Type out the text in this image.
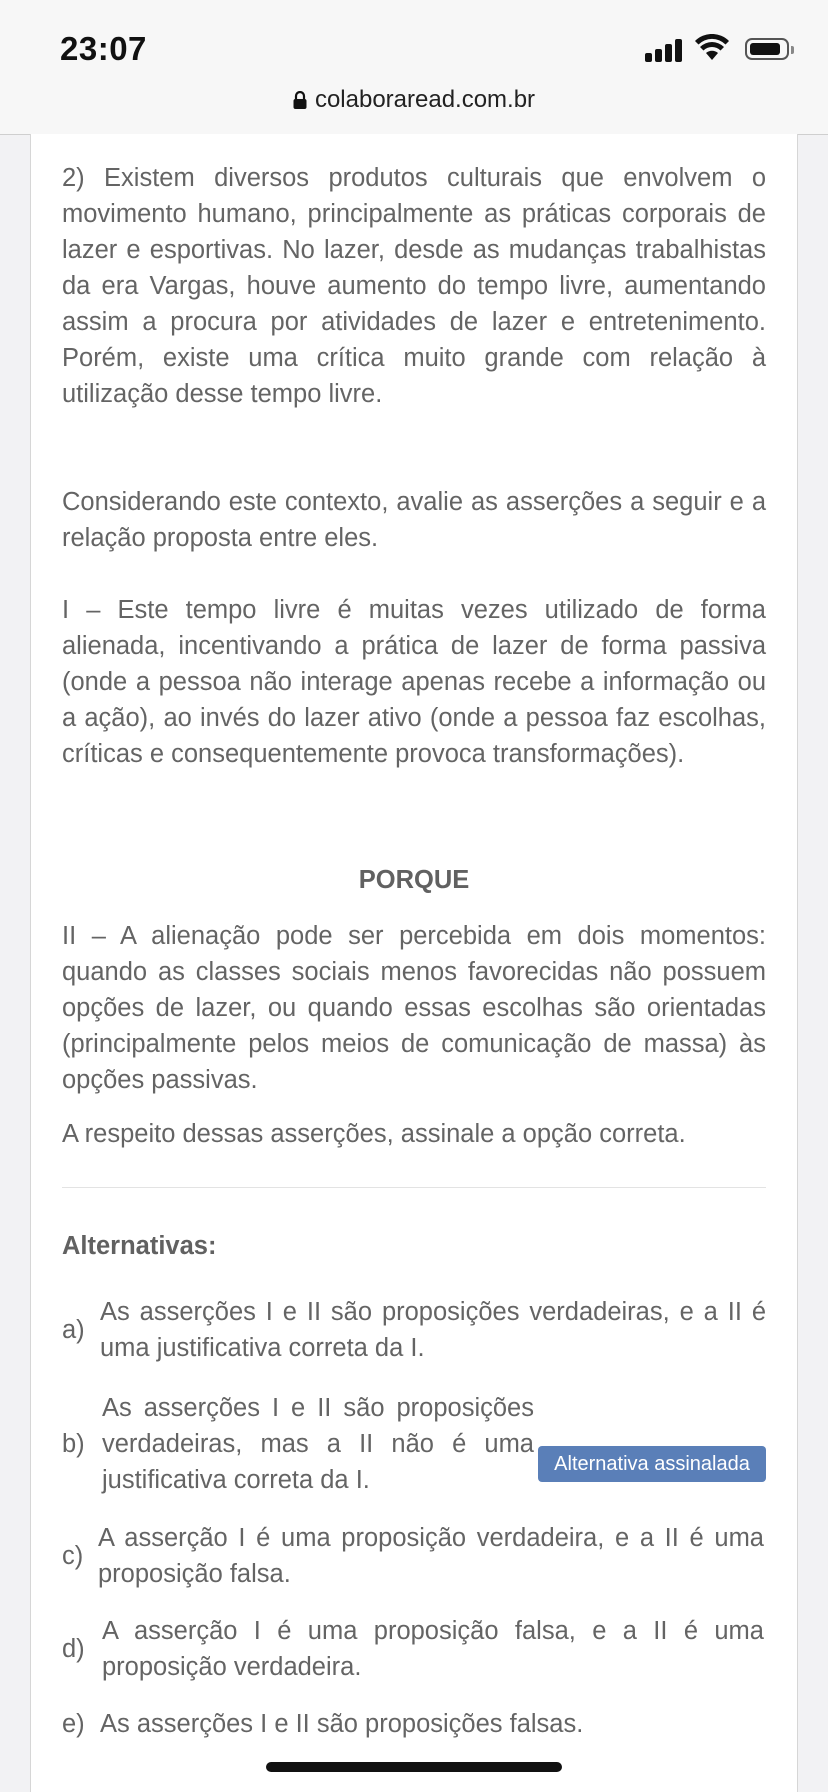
23:07
colaboraread.com.br

2) Existem diversos produtos culturais que envolvem o movimento humano, principalmente as práticas corporais de lazer e esportivas. No lazer, desde as mudanças trabalhistas da era Vargas, houve aumento do tempo livre, aumentando assim a procura por atividades de lazer e entretenimento. Porém, existe uma crítica muito grande com relação à utilização desse tempo livre.

Considerando este contexto, avalie as asserções a seguir e a relação proposta entre eles.

I – Este tempo livre é muitas vezes utilizado de forma alienada, incentivando a prática de lazer de forma passiva (onde a pessoa não interage apenas recebe a informação ou a ação), ao invés do lazer ativo (onde a pessoa faz escolhas, críticas e consequentemente provoca transformações).

PORQUE

II – A alienação pode ser percebida em dois momentos: quando as classes sociais menos favorecidas não possuem opções de lazer, ou quando essas escolhas são orientadas (principalmente pelos meios de comunicação de massa) às opções passivas.

A respeito dessas asserções, assinale a opção correta.

Alternativas:
a)
As asserções I e II são proposições verdadeiras, e a II é uma justificativa correta da I.
b)
As asserções I e II são proposições verdadeiras, mas a II não é uma justificativa correta da I.
Alternativa assinalada
c)
A asserção I é uma proposição verdadeira, e a II é uma proposição falsa.
d)
A asserção I é uma proposição falsa, e a II é uma proposição verdadeira.
e) As asserções I e II são proposições falsas.
